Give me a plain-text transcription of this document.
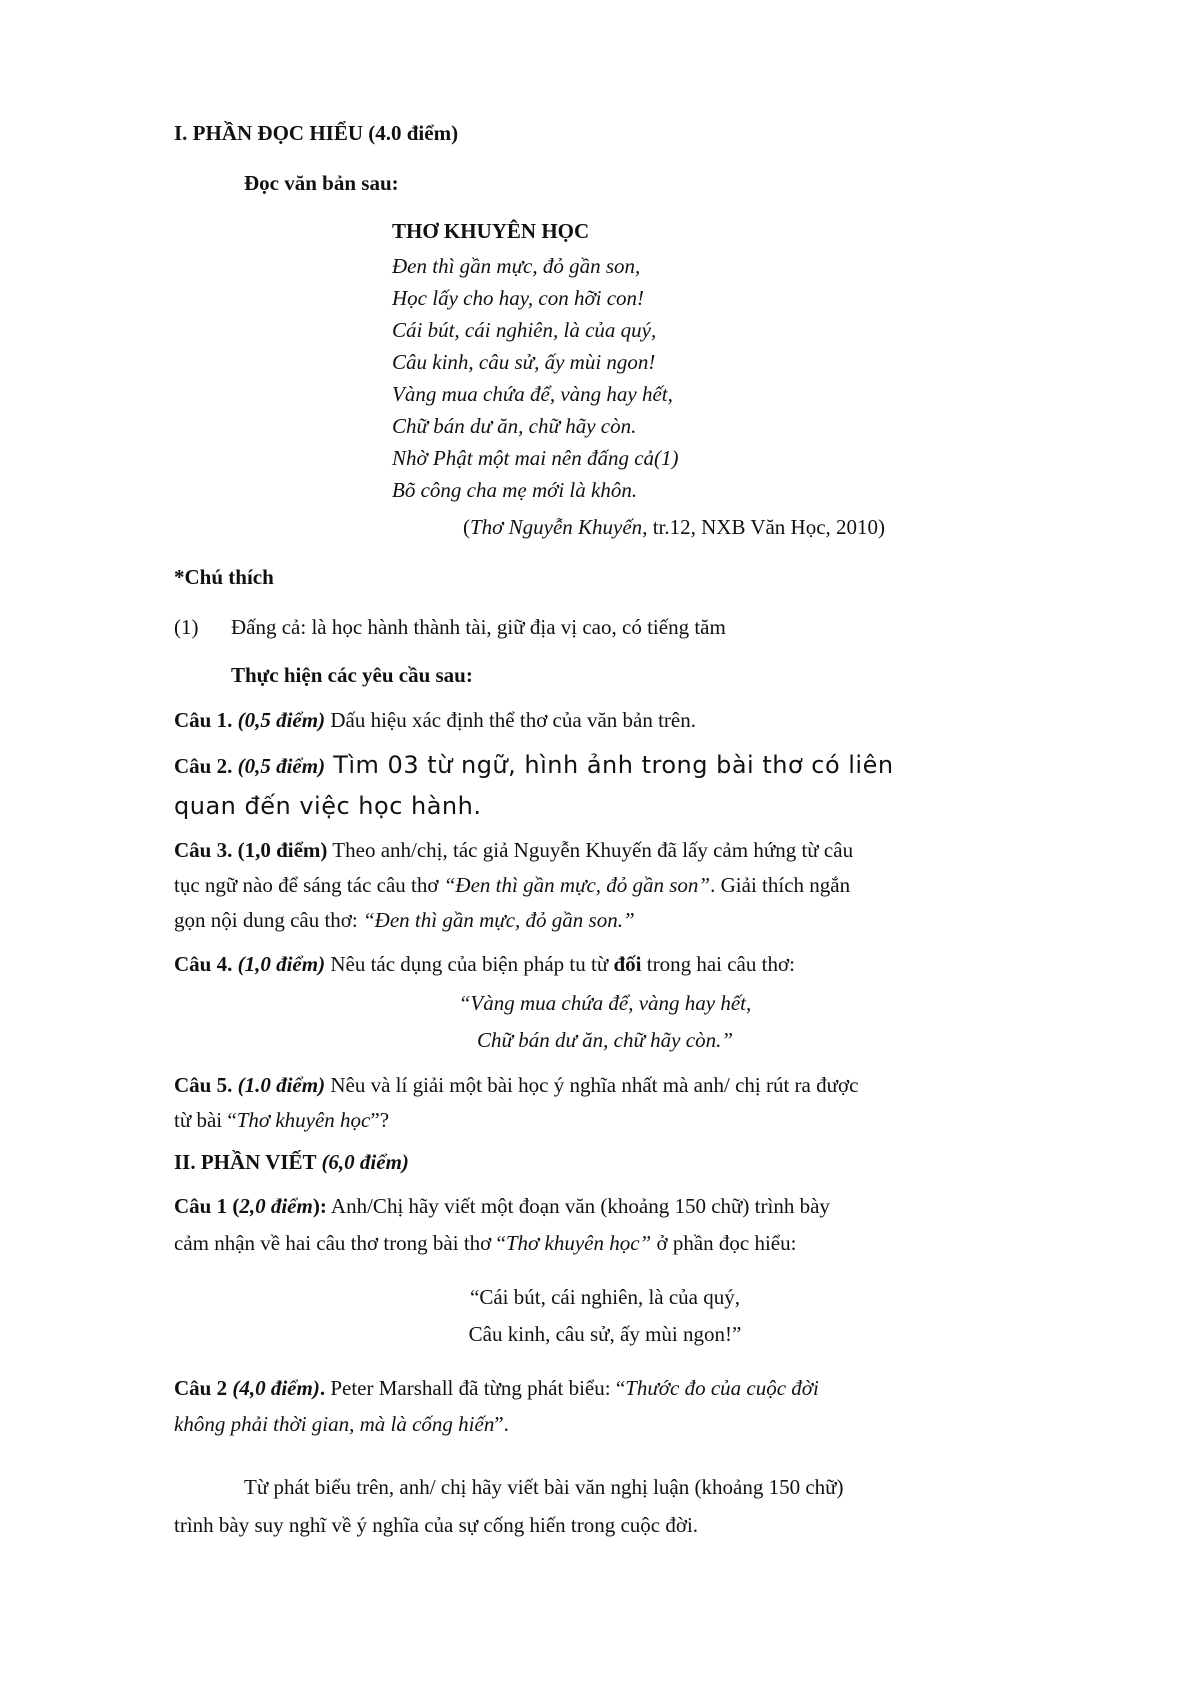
I. PHẦN ĐỌC HIỂU (4.0 điểm)

Đọc văn bản sau:

THƠ KHUYÊN HỌC

Đen thì gần mực, đỏ gần son,

Học lấy cho hay, con hỡi con!

Cái bút, cái nghiên, là của quý,

Câu kinh, câu sử, ấy mùi ngon!

Vàng mua chứa để, vàng hay hết,

Chữ bán dư ăn, chữ hãy còn.

Nhờ Phật một mai nên đấng cả(1)

Bõ công cha mẹ mới là khôn.

(Thơ Nguyễn Khuyến, tr.12, NXB Văn Học, 2010)

*Chú thích

(1) Đấng cả: là học hành thành tài, giữ địa vị cao, có tiếng tăm

Thực hiện các yêu cầu sau:

Câu 1. (0,5 điểm) Dấu hiệu xác định thể thơ của văn bản trên.

Câu 2. (0,5 điểm) Tìm 03 từ ngữ, hình ảnh trong bài thơ có liên

quan đến việc học hành.

Câu 3. (1,0 điểm) Theo anh/chị, tác giả Nguyễn Khuyến đã lấy cảm hứng từ câu

tục ngữ nào để sáng tác câu thơ “Đen thì gần mực, đỏ gần son”. Giải thích ngắn

gọn nội dung câu thơ: “Đen thì gần mực, đỏ gần son.”

Câu 4. (1,0 điểm) Nêu tác dụng của biện pháp tu từ đối trong hai câu thơ:

“Vàng mua chứa để, vàng hay hết,

Chữ bán dư ăn, chữ hãy còn.”

Câu 5. (1.0 điểm) Nêu và lí giải một bài học ý nghĩa nhất mà anh/ chị rút ra được

từ bài “Thơ khuyên học”?

II. PHẦN VIẾT (6,0 điểm)

Câu 1 (2,0 điểm): Anh/Chị hãy viết một đoạn văn (khoảng 150 chữ) trình bày

cảm nhận về hai câu thơ trong bài thơ “Thơ khuyên học” ở phần đọc hiểu:

“Cái bút, cái nghiên, là của quý,

Câu kinh, câu sử, ấy mùi ngon!”

Câu 2 (4,0 điểm). Peter Marshall đã từng phát biểu: “Thước đo của cuộc đời

không phải thời gian, mà là cống hiến”.

Từ phát biểu trên, anh/ chị hãy viết bài văn nghị luận (khoảng 150 chữ)

trình bày suy nghĩ về ý nghĩa của sự cống hiến trong cuộc đời.
